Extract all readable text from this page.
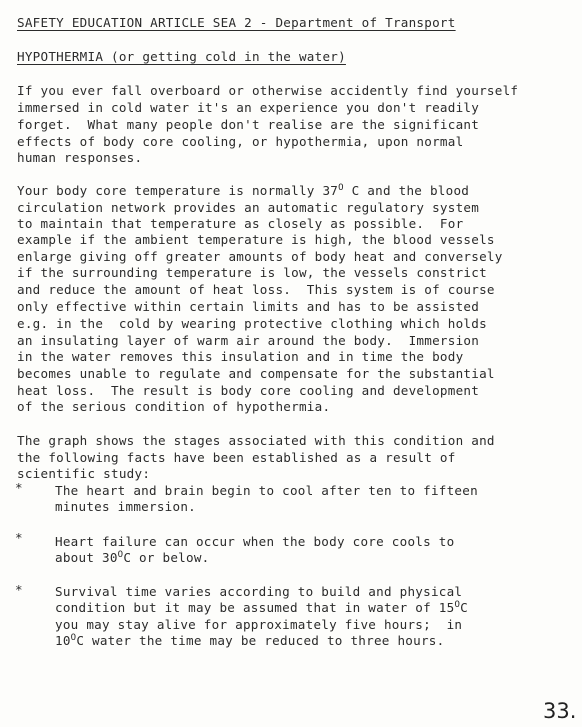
SAFETY EDUCATION ARTICLE SEA 2 - Department of Transport
HYPOTHERMIA (or getting cold in the water)
If you ever fall overboard or otherwise accidently find yourself
immersed in cold water it's an experience you don't readily
forget.  What many people don't realise are the significant
effects of body core cooling, or hypothermia, upon normal
human responses.
Your body core temperature is normally $37^O$ C and the blood
circulation network provides an automatic regulatory system
to maintain that temperature as closely as possible.  For
example if the ambient temperature is high, the blood vessels
enlarge giving off greater amounts of body heat and conversely
if the surrounding temperature is low, the vessels constrict
and reduce the amount of heat loss.  This system is of course
only effective within certain limits and has to be assisted
e.g. in the  cold by wearing protective clothing which holds
an insulating layer of warm air around the body.  Immersion
in the water removes this insulation and in time the body
becomes unable to regulate and compensate for the substantial
heat loss.  The result is body core cooling and development
of the serious condition of hypothermia.
The graph shows the stages associated with this condition and
the following facts have been established as a result of
scientific study:
*	The heart and brain begin to cool after ten to fifteen
minutes immersion.
*	Heart failure can occur when the body core cools to
about $30^OC$ or below.
*	Survival time varies according to build and physical
condition but it may be assumed that in water of $15^OC$
you may stay alive for approximately five hours;  in
$10^OC$ water the time may be reduced to three hours.
33.
